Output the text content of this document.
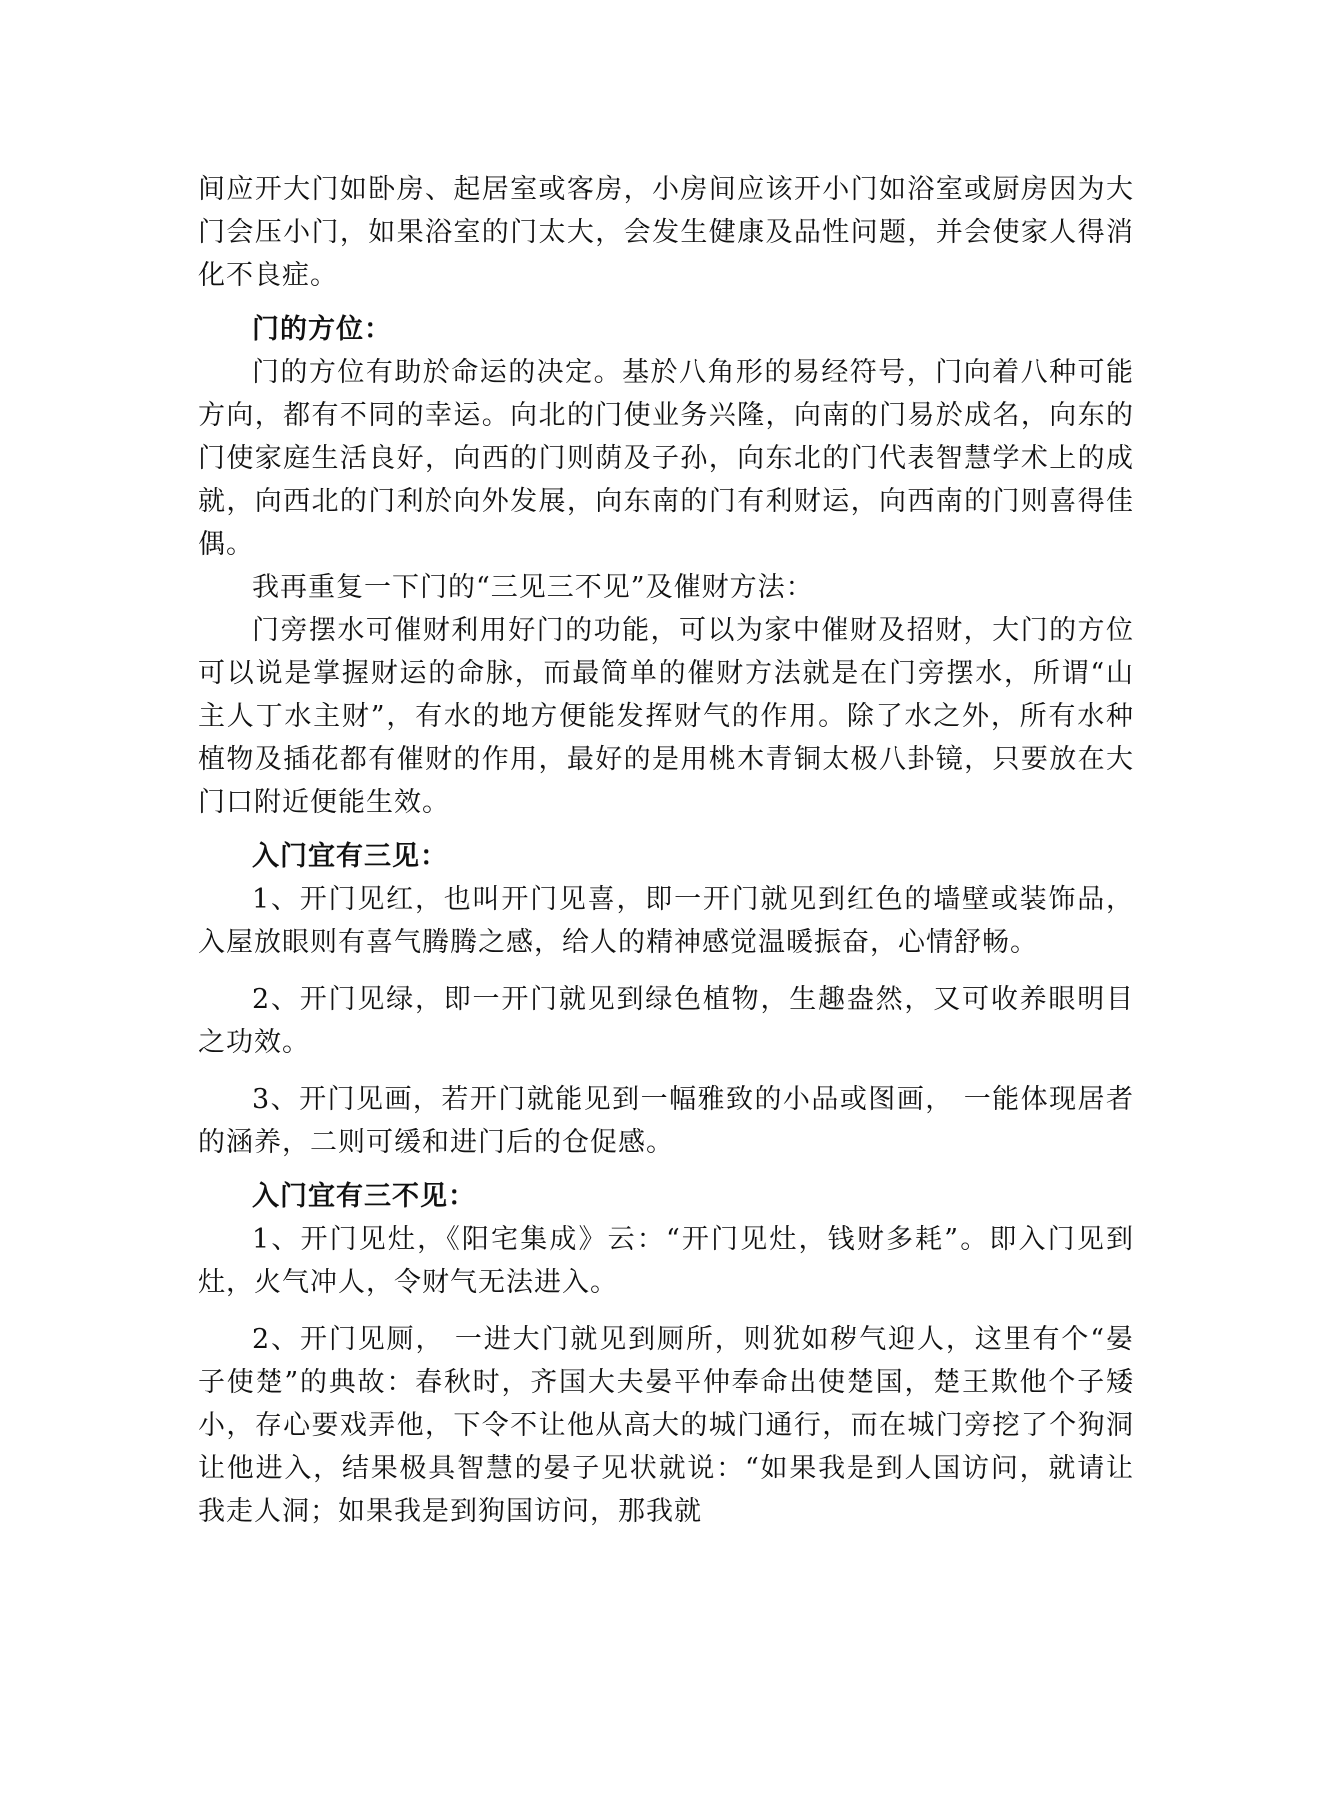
间应开大门如卧房、起居室或客房，小房间应该开小门如浴室或厨房因为大门会压小门，如果浴室的门太大，会发生健康及品性问题，并会使家人得消化不良症。

门的方位：

门的方位有助於命运的决定。基於八角形的易经符号，门向着八种可能方向，都有不同的幸运。向北的门使业务兴隆，向南的门易於成名，向东的门使家庭生活良好，向西的门则荫及子孙，向东北的门代表智慧学术上的成就，向西北的门利於向外发展，向东南的门有利财运，向西南的门则喜得佳偶。

我再重复一下门的“三见三不见”及催财方法：

门旁摆水可催财利用好门的功能，可以为家中催财及招财，大门的方位可以说是掌握财运的命脉，而最简单的催财方法就是在门旁摆水，所谓“山主人丁水主财”，有水的地方便能发挥财气的作用。除了水之外，所有水种植物及插花都有催财的作用，最好的是用桃木青铜太极八卦镜，只要放在大门口附近便能生效。

入门宜有三见：

1、开门见红，也叫开门见喜，即一开门就见到红色的墙壁或装饰品，入屋放眼则有喜气腾腾之感，给人的精神感觉温暖振奋，心情舒畅。

2、开门见绿，即一开门就见到绿色植物，生趣盎然，又可收养眼明目之功效。

3、开门见画，若开门就能见到一幅雅致的小品或图画， 一能体现居者的涵养，二则可缓和进门后的仓促感。

入门宜有三不见：

1、开门见灶，《阳宅集成》云：“开门见灶，钱财多耗”。即入门见到灶，火气冲人，令财气无法进入。

2、开门见厕， 一进大门就见到厕所，则犹如秽气迎人，这里有个“晏子使楚”的典故：春秋时，齐国大夫晏平仲奉命出使楚国，楚王欺他个子矮小，存心要戏弄他，下令不让他从高大的城门通行，而在城门旁挖了个狗洞让他进入，结果极具智慧的晏子见状就说：“如果我是到人国访问，就请让我走人洞；如果我是到狗国访问，那我就
